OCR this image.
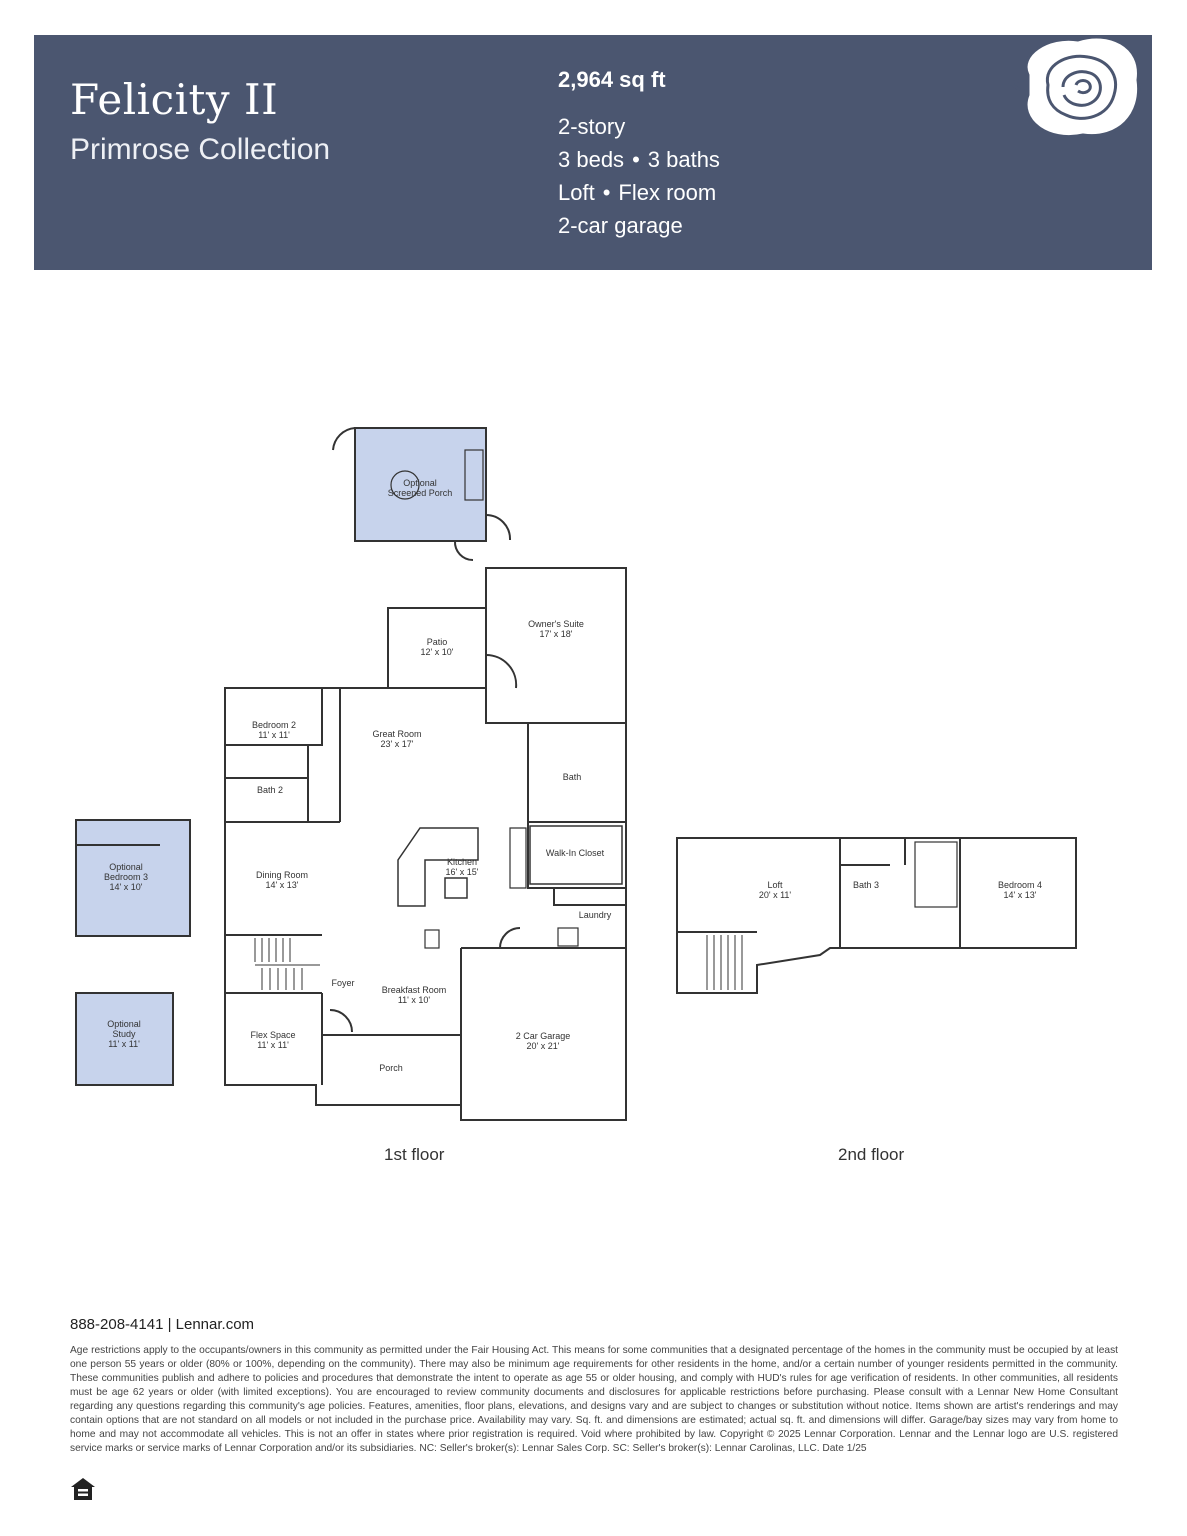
Felicity II
Primrose Collection
2,964 sq ft
2-story
3 beds • 3 baths
Loft • Flex room
2-car garage
Optional Screened Porch
Patio 12' x 10'
Owner's Suite 17' x 18'
Bedroom 2 11' x 11'	Great Room 23' x 17'
Bath 2
Bath
Walk-In Closet
Dining Room 14' x 13'
Kitchen 16' x 15'
Laundry
Foyer
Breakfast Room 11' x 10'
Flex Space 11' x 11'
Porch
2 Car Garage 20' x 21'
Optional Bedroom 3 14' x 10'
Optional Study 11' x 11'
Loft 20' x 11'
Bath 3	Bedroom 4 14' x 13'
1st floor	2nd floor
888-208-4141 | Lennar.com
Age restrictions apply to the occupants/owners in this community as permitted under the Fair Housing Act. This means for some communities that a designated percentage of the homes in the community must be occupied by at least one person 55 years or older (80% or 100%, depending on the community). There may also be minimum age requirements for other residents in the home, and/or a certain number of younger residents permitted in the community. These communities publish and adhere to policies and procedures that demonstrate the intent to operate as age 55 or older housing, and comply with HUD's rules for age verification of residents. In other communities, all residents must be age 62 years or older (with limited exceptions). You are encouraged to review community documents and disclosures for applicable restrictions before purchasing. Please consult with a Lennar New Home Consultant regarding any questions regarding this community's age policies. Features, amenities, floor plans, elevations, and designs vary and are subject to changes or substitution without notice. Items shown are artist's renderings and may contain options that are not standard on all models or not included in the purchase price. Availability may vary. Sq. ft. and dimensions are estimated; actual sq. ft. and dimensions will differ. Garage/bay sizes may vary from home to home and may not accommodate all vehicles. This is not an offer in states where prior registration is required. Void where prohibited by law. Copyright © 2025 Lennar Corporation. Lennar and the Lennar logo are U.S. registered service marks or service marks of Lennar Corporation and/or its subsidiaries. NC: Seller's broker(s): Lennar Sales Corp. SC: Seller's broker(s): Lennar Carolinas, LLC. Date 1/25
